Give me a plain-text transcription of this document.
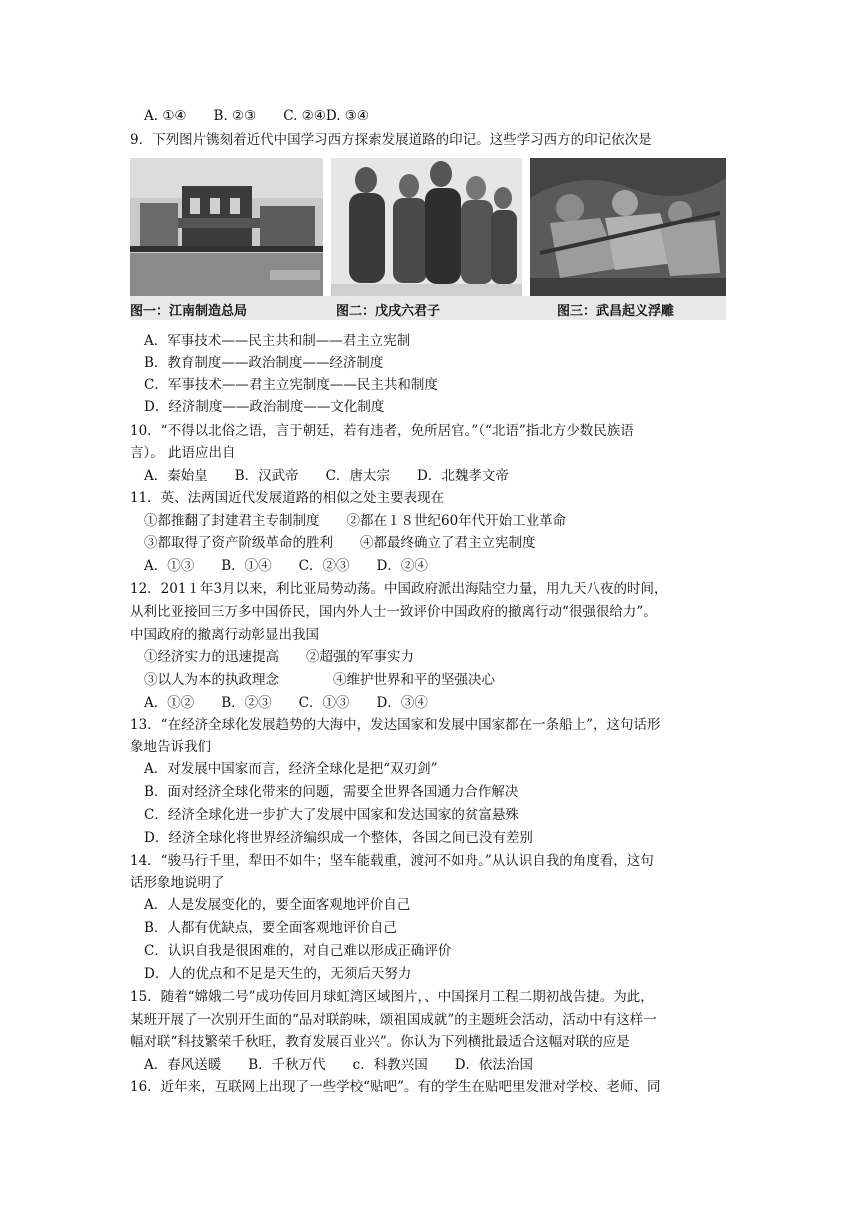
A. ①④　　B. ②③　　C. ②④D. ③④
9．下列图片镌刻着近代中国学习西方探索发展道路的印记。这些学习西方的印记依次是
图一：江南制造总局	图二：戊戌六君子	图三：武昌起义浮雕
A．军事技术——民主共和制——君主立宪制
B．教育制度——政治制度——经济制度
C．军事技术——君主立宪制度——民主共和制度
D．经济制度——政治制度——文化制度
10．“不得以北俗之语，言于朝廷，若有违者，免所居官。”（“北语”指北方少数民族语
言）。 此语应出自
A．秦始皇　　B．汉武帝　　C．唐太宗　　D．北魏孝文帝
11．英、法两国近代发展道路的相似之处主要表现在
①都推翻了封建君主专制制度　　②都在１８世纪60年代开始工业革命
③都取得了资产阶级革命的胜利　　④都最终确立了君主立宪制度
A．①③　　B．①④　　C．②③　　D．②④
12．201１年3月以来，利比亚局势动荡。中国政府派出海陆空力量，用九天八夜的时间，
从利比亚接回三万多中国侨民，国内外人士一致评价中国政府的撤离行动“很强很给力”。
中国政府的撤离行动彰显出我国
①经济实力的迅速提高　　②超强的军事实力
③以人为本的执政理念　　　　④维护世界和平的坚强决心
A．①②　　B．②③　　C．①③　　D．③④
13．“在经济全球化发展趋势的大海中，发达国家和发展中国家都在一条船上”，这句话形
象地告诉我们
A．对发展中国家而言，经济全球化是把“双刃剑”
B．面对经济全球化带来的问题，需要全世界各国通力合作解决
C．经济全球化进一步扩大了发展中国家和发达国家的贫富悬殊
D．经济全球化将世界经济编织成一个整体，各国之间已没有差别
14．“骏马行千里，犁田不如牛；坚车能载重，渡河不如舟。”从认识自我的角度看，这句
话形象地说明了
A．人是发展变化的，要全面客观地评价自己
B．人都有优缺点，要全面客观地评价自己
C．认识自我是很困难的，对自己难以形成正确评价
D．人的优点和不足是天生的，无须后天努力
15．随着“嫦娥二号”成功传回月球虹湾区域图片，、中国探月工程二期初战告捷。为此，
某班开展了一次别开生面的“品对联韵味，颂祖国成就”的主题班会活动，活动中有这样一
幅对联“科技繁荣千秋旺，教育发展百业兴”。你认为下列横批最适合这幅对联的应是
A．春风送暖　　B．千秋万代　　c．科教兴国　　D．依法治国
16．近年来，互联网上出现了一些学校“贴吧”。有的学生在贴吧里发泄对学校、老师、同
